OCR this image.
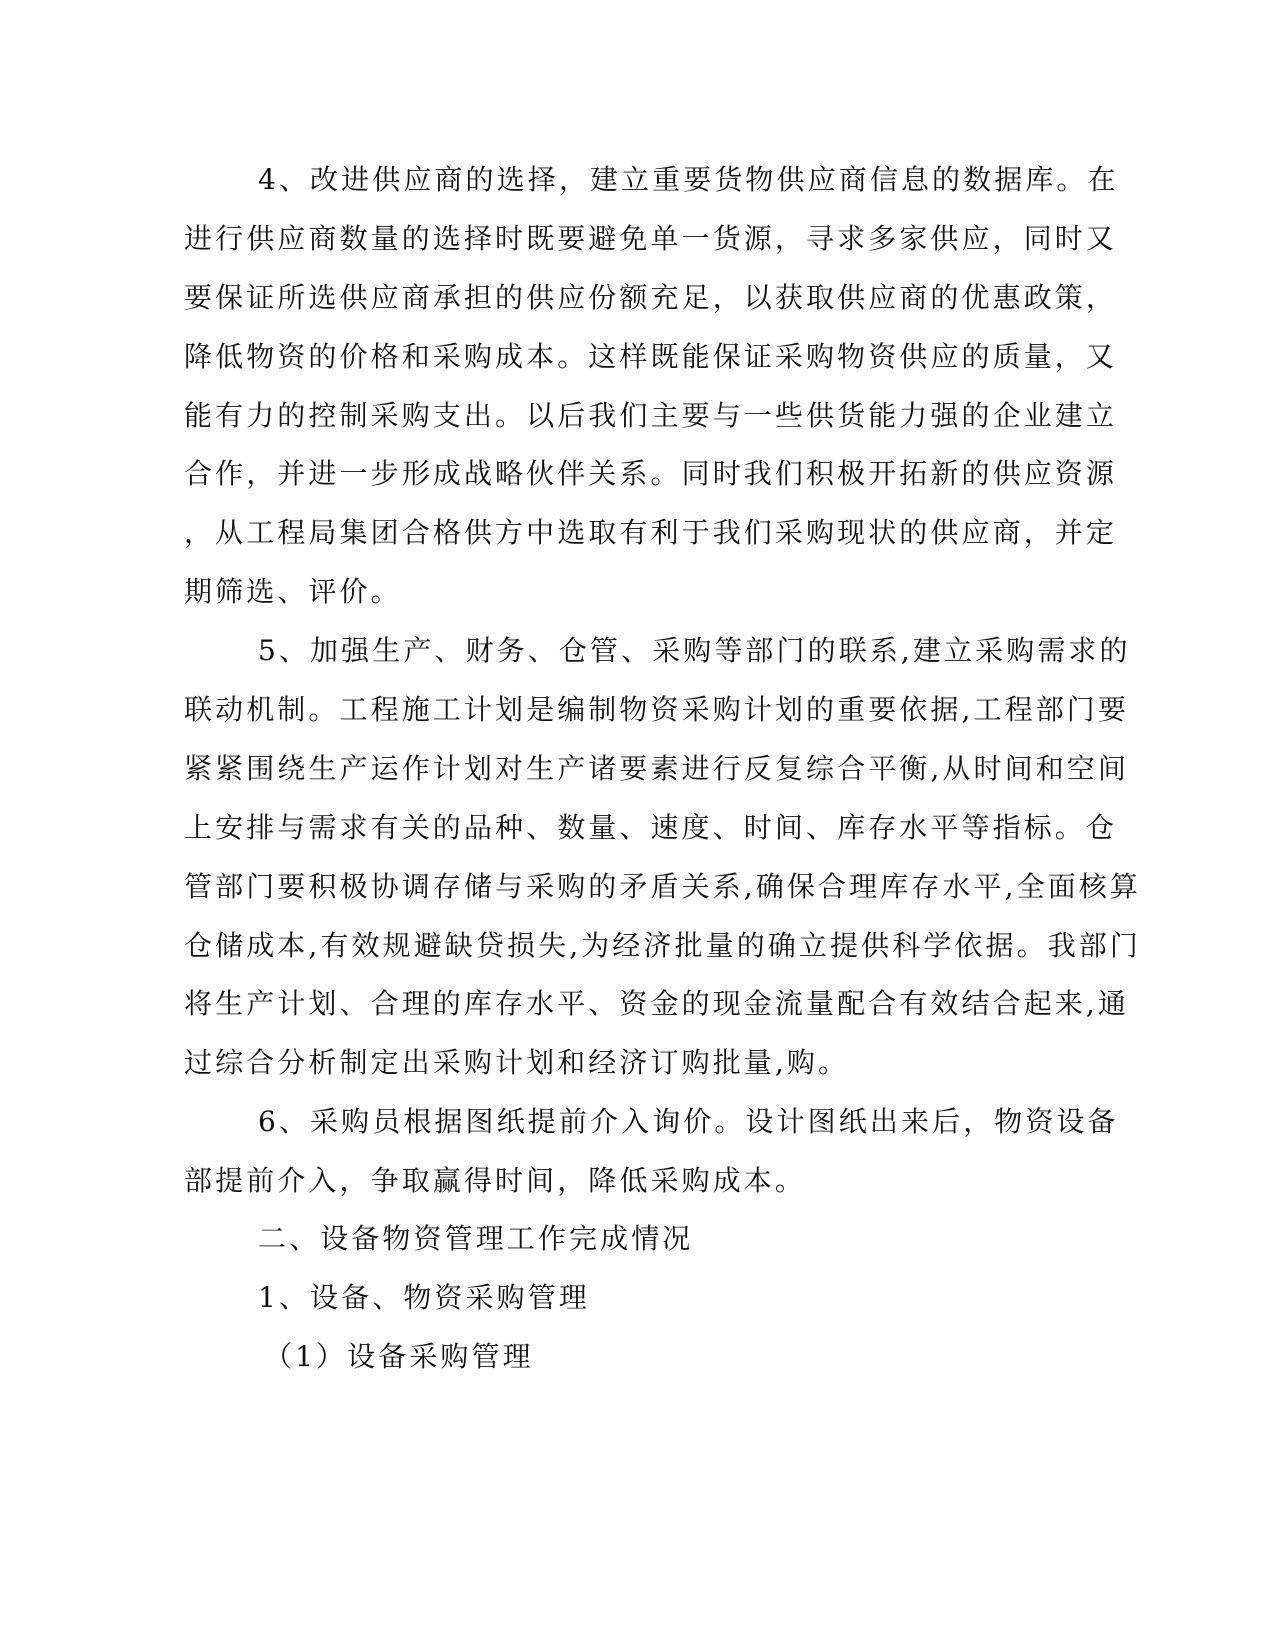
4、改进供应商的选择，建立重要货物供应商信息的数据库。在
进行供应商数量的选择时既要避免单一货源，寻求多家供应，同时又
要保证所选供应商承担的供应份额充足，以获取供应商的优惠政策，
降低物资的价格和采购成本。这样既能保证采购物资供应的质量，又
能有力的控制采购支出。以后我们主要与一些供货能力强的企业建立
合作，并进一步形成战略伙伴关系。同时我们积极开拓新的供应资源
，从工程局集团合格供方中选取有利于我们采购现状的供应商，并定
期筛选、评价。
5、加强生产、财务、仓管、采购等部门的联系,建立采购需求的
联动机制。工程施工计划是编制物资采购计划的重要依据,工程部门要
紧紧围绕生产运作计划对生产诸要素进行反复综合平衡,从时间和空间
上安排与需求有关的品种、数量、速度、时间、库存水平等指标。仓
管部门要积极协调存储与采购的矛盾关系,确保合理库存水平,全面核算
仓储成本,有效规避缺贷损失,为经济批量的确立提供科学依据。我部门
将生产计划、合理的库存水平、资金的现金流量配合有效结合起来,通
过综合分析制定出采购计划和经济订购批量,购。
6、采购员根据图纸提前介入询价。设计图纸出来后，物资设备
部提前介入，争取赢得时间，降低采购成本。
二、设备物资管理工作完成情况
1、设备、物资采购管理
（1）设备采购管理
